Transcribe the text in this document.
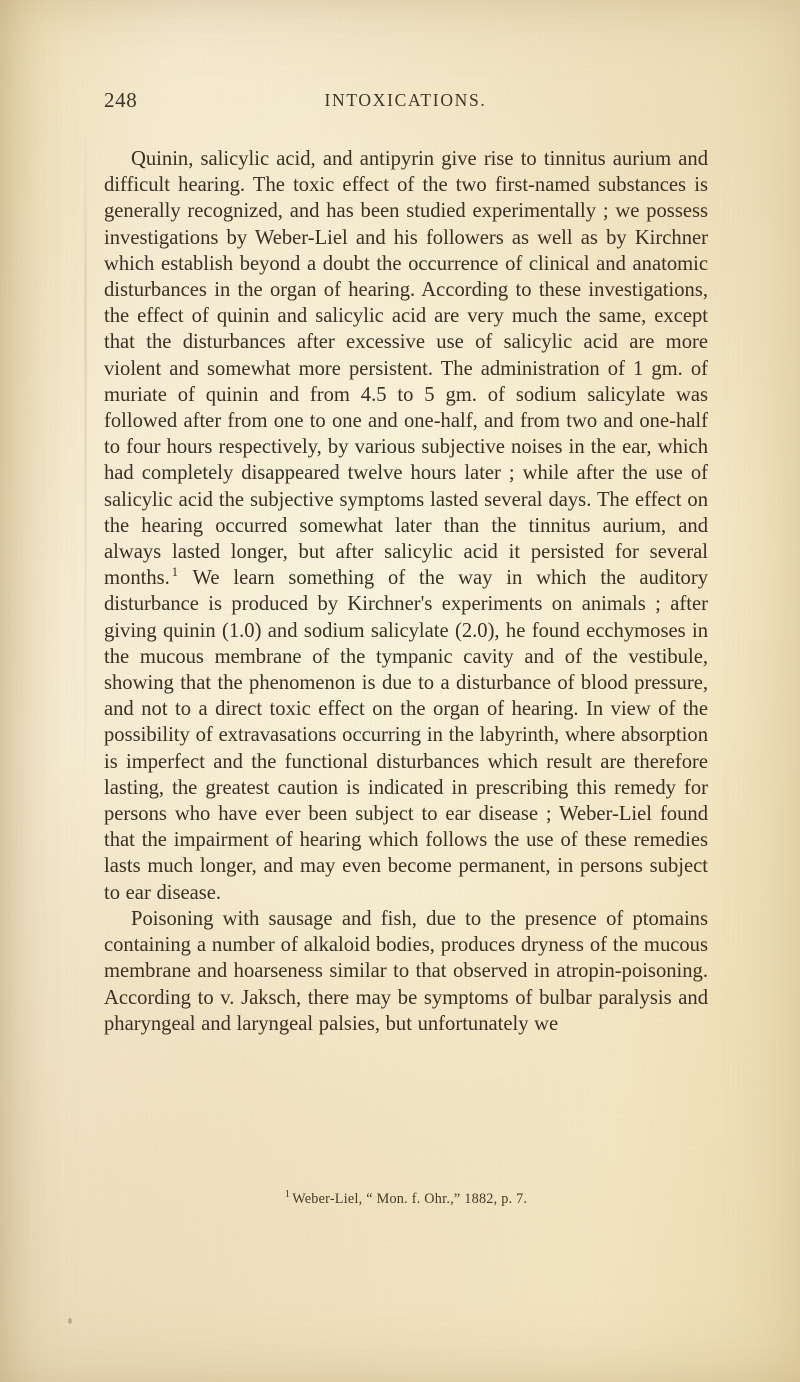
248	INTOXICATIONS.

Quinin, salicylic acid, and antipyrin give rise to tinnitus aurium and difficult hearing. The toxic effect of the two first-named substances is generally recognized, and has been studied experimentally ; we possess investigations by Weber-Liel and his followers as well as by Kirchner which establish beyond a doubt the occurrence of clinical and anatomic disturbances in the organ of hearing. According to these investigations, the effect of quinin and salicylic acid are very much the same, except that the disturbances after excessive use of salicylic acid are more violent and somewhat more persistent. The administration of 1 gm. of muriate of quinin and from 4.5 to 5 gm. of sodium salicylate was followed after from one to one and one-half, and from two and one-half to four hours respectively, by various subjective noises in the ear, which had completely disappeared twelve hours later ; while after the use of salicylic acid the subjective symptoms lasted several days. The effect on the hearing occurred somewhat later than the tinnitus aurium, and always lasted longer, but after salicylic acid it persisted for several months. $^1$ We learn something of the way in which the auditory disturbance is produced by Kirchner's experiments on animals ; after giving quinin (1.0) and sodium salicylate (2.0), he found ecchymoses in the mucous membrane of the tympanic cavity and of the vestibule, showing that the phenomenon is due to a disturbance of blood pressure, and not to a direct toxic effect on the organ of hearing. In view of the possibility of extravasations occurring in the labyrinth, where absorption is imperfect and the functional disturbances which result are therefore lasting, the greatest caution is indicated in prescribing this remedy for persons who have ever been subject to ear disease ; Weber-Liel found that the impairment of hearing which follows the use of these remedies lasts much longer, and may even become permanent, in persons subject to ear disease.

Poisoning with sausage and fish, due to the presence of ptomains containing a number of alkaloid bodies, produces dryness of the mucous membrane and hoarseness similar to that observed in atropin-poisoning. According to v. Jaksch, there may be symptoms of bulbar paralysis and pharyngeal and laryngeal palsies, but unfortunately we

$^1$ Weber-Liel, “ Mon. f. Ohr.,” 1882, p. 7.
